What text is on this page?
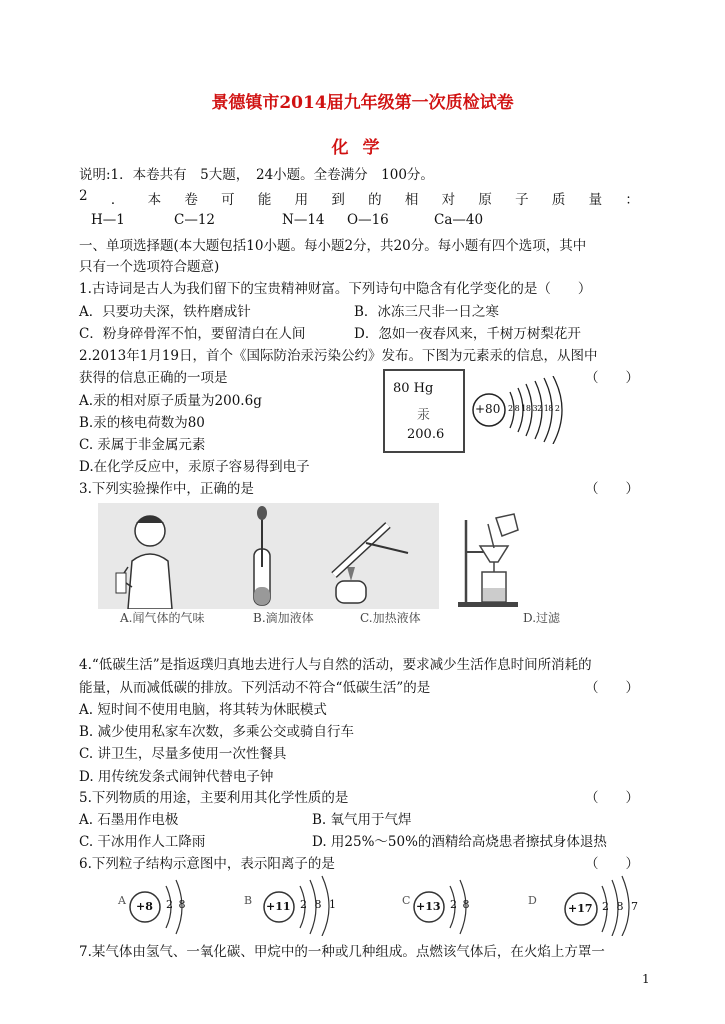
景德镇市2014届九年级第一次质检试卷
化学
说明:1．本卷共有　5大题，　24小题。全卷满分　100分。
2 ． 本 卷 可 能 用 到 的 相 对 原 子 质 量 ：
H—1	C—12	N—14 O—16	Ca—40
一、单项选择题(本大题包括10小题。每小题2分，共20分。每小题有四个选项，其中
只有一个选项符合题意)
1.古诗词是古人为我们留下的宝贵精神财富。下列诗句中隐含有化学变化的是（　　）
A．只要功夫深，铁杵磨成针	B．冰冻三尺非一日之寒
C．粉身碎骨浑不怕，要留清白在人间	D．忽如一夜春风来，千树万树梨花开
2.2013年1月19日，首个《国际防治汞污染公约》发布。下图为元素汞的信息，从图中
获得的信息正确的一项是	（　　）
A.汞的相对原子质量为200.6g
B.汞的核电荷数为80
C. 汞属于非金属元素
D.在化学反应中，汞原子容易得到电子
80 Hg
汞
200.6
+80 2 8 18 32 18 2
3.下列实验操作中，正确的是	（　　）
A.闻气体的气味	B.滴加液体	C.加热液体	D.过滤
4.“低碳生活”是指返璞归真地去进行人与自然的活动，要求减少生活作息时间所消耗的
能量，从而减低碳的排放。下列活动不符合“低碳生活”的是	（　　）
A. 短时间不使用电脑，将其转为休眠模式
B. 减少使用私家车次数，多乘公交或骑自行车
C. 讲卫生，尽量多使用一次性餐具
D. 用传统发条式闹钟代替电子钟
5.下列物质的用途，主要利用其化学性质的是	（　　）
A. 石墨用作电极	B. 氧气用于气焊
C. 干冰用作人工降雨	D. 用25%～50%的酒精给高烧患者擦拭身体退热
6.下列粒子结构示意图中，表示阳离子的是	（　　）
A +8 2 8	B +11 2 8 1	C +13 2 8	D
+17 2 8 7
7.某气体由氢气、一氧化碳、甲烷中的一种或几种组成。点燃该气体后，在火焰上方罩一
1
